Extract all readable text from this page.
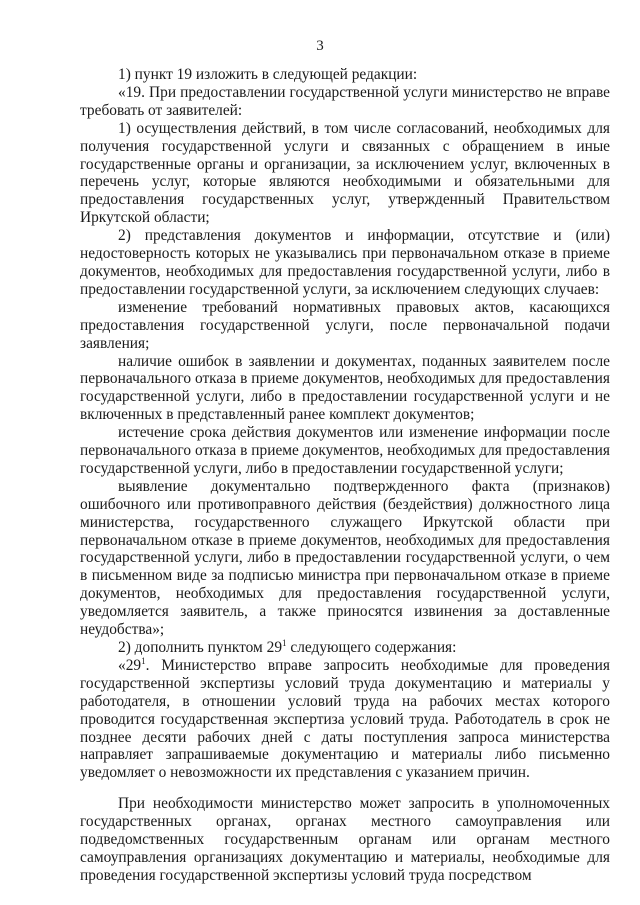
3

1) пункт 19 изложить в следующей редакции:

«19. При предоставлении государственной услуги министерство не вправе требовать от заявителей:

1) осуществления действий, в том числе согласований, необходимых для получения государственной услуги и связанных с обращением в иные государственные органы и организации, за исключением услуг, включенных в перечень услуг, которые являются необходимыми и обязательными для предоставления государственных услуг, утвержденный Правительством Иркутской области;

2) представления документов и информации, отсутствие и (или) недостоверность которых не указывались при первоначальном отказе в приеме документов, необходимых для предоставления государственной услуги, либо в предоставлении государственной услуги, за исключением следующих случаев:

изменение требований нормативных правовых актов, касающихся предоставления государственной услуги, после первоначальной подачи заявления;

наличие ошибок в заявлении и документах, поданных заявителем после первоначального отказа в приеме документов, необходимых для предоставления государственной услуги, либо в предоставлении государственной услуги и не включенных в представленный ранее комплект документов;

истечение срока действия документов или изменение информации после первоначального отказа в приеме документов, необходимых для предоставления государственной услуги, либо в предоставлении государственной услуги;

выявление документально подтвержденного факта (признаков) ошибочного или противоправного действия (бездействия) должностного лица министерства, государственного служащего Иркутской области при первоначальном отказе в приеме документов, необходимых для предоставления государственной услуги, либо в предоставлении государственной услуги, о чем в письменном виде за подписью министра при первоначальном отказе в приеме документов, необходимых для предоставления государственной услуги, уведомляется заявитель, а также приносятся извинения за доставленные неудобства»;

2) дополнить пунктом $29^1$ следующего содержания:

«$29^1$. Министерство вправе запросить необходимые для проведения государственной экспертизы условий труда документацию и материалы у работодателя, в отношении условий труда на рабочих местах которого проводится государственная экспертиза условий труда. Работодатель в срок не позднее десяти рабочих дней с даты поступления запроса министерства направляет запрашиваемые документацию и материалы либо письменно уведомляет о невозможности их представления с указанием причин.

При необходимости министерство может запросить в уполномоченных государственных органах, органах местного самоуправления или подведомственных государственным органам или органам местного самоуправления организациях документацию и материалы, необходимые для проведения государственной экспертизы условий труда посредством
